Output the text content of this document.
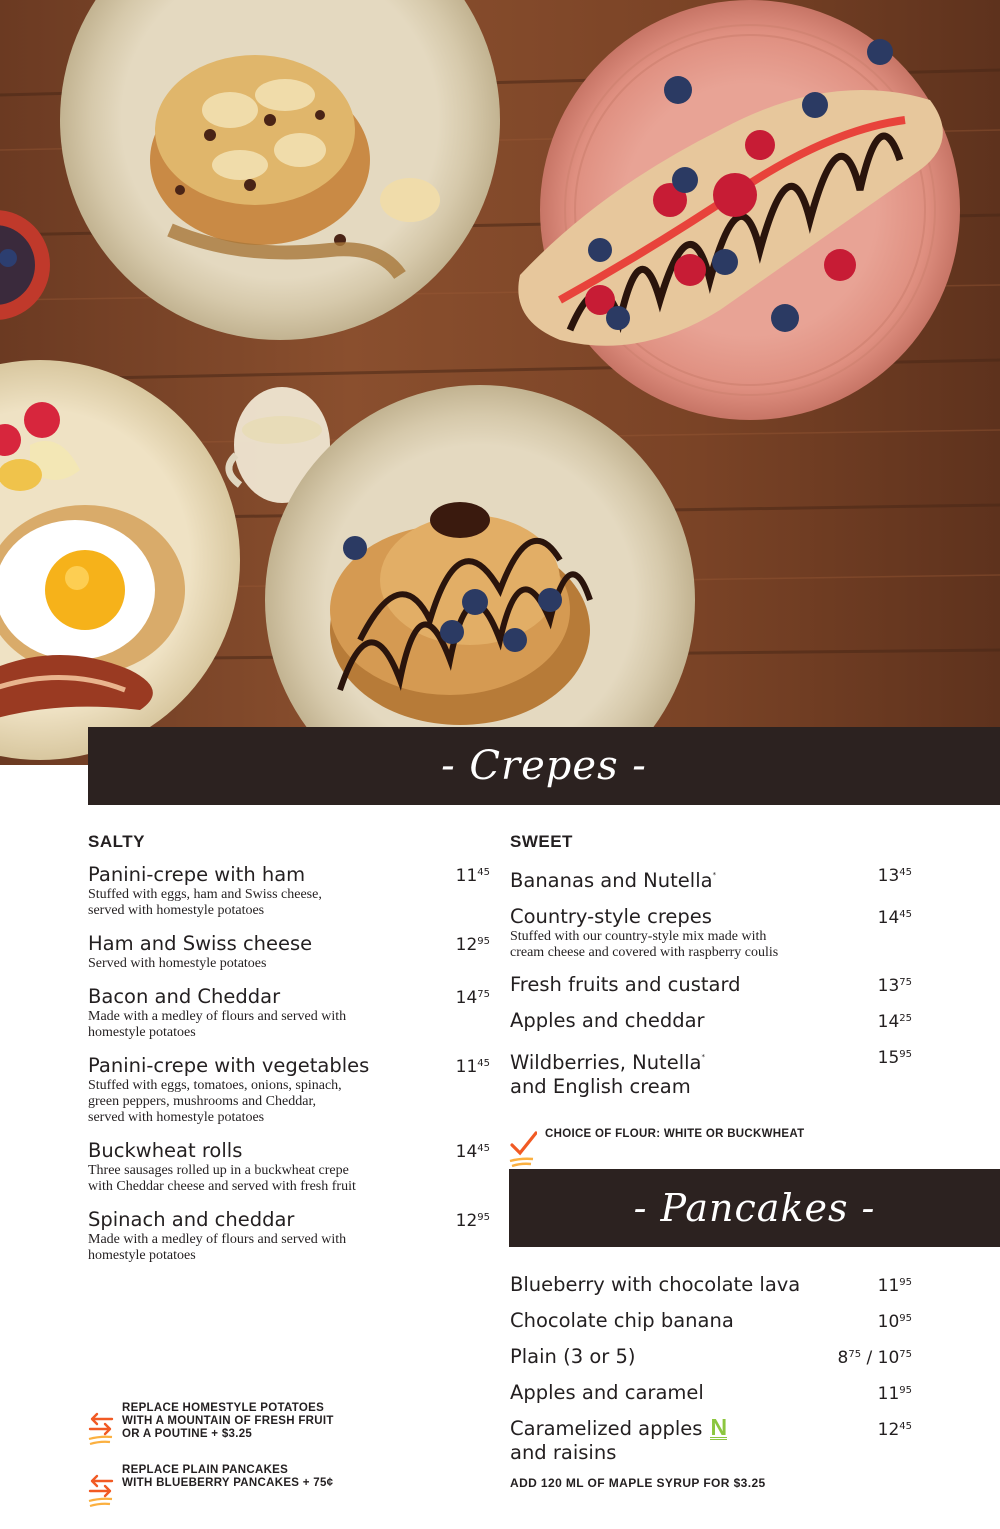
- Crepes -
SALTY
Panini-crepe with ham
Stuffed with eggs, ham and Swiss cheese,
served with homestyle potatoes
$11^{45}$
Ham and Swiss cheese
Served with homestyle potatoes
$12^{95}$
Bacon and Cheddar
Made with a medley of flours and served with
homestyle potatoes
$14^{75}$
Panini-crepe with vegetables
Stuffed with eggs, tomatoes, onions, spinach,
green peppers, mushrooms and Cheddar,
served with homestyle potatoes
$11^{45}$
Buckwheat rolls
Three sausages rolled up in a buckwheat crepe
with Cheddar cheese and served with fresh fruit
$14^{45}$
Spinach and cheddar
Made with a medley of flours and served with
homestyle potatoes
$12^{95}$
SWEET
Bananas and Nutella*	$13^{45}$
Country-style crepes
Stuffed with our country-style mix made with
cream cheese and covered with raspberry coulis
$14^{45}$
Fresh fruits and custard	$13^{75}$
Apples and cheddar	$14^{25}$
Wildberries, Nutella*
and English cream
$15^{95}$

CHOICE OF FLOUR: WHITE OR BUCKWHEAT
- Pancakes -
Blueberry with chocolate lava	$11^{95}$
Chocolate chip banana	$10^{95}$
Plain (3 or 5)	$8^{75} / 10^{75}$
Apples and caramel	$11^{95}$
Caramelized apples N
and raisins
$12^{45}$
ADD 120 ML OF MAPLE SYRUP FOR $3.25

REPLACE HOMESTYLE POTATOES
WITH A MOUNTAIN OF FRESH FRUIT
OR A POUTINE + $3.25

REPLACE PLAIN PANCAKES
WITH BLUEBERRY PANCAKES + 75¢
